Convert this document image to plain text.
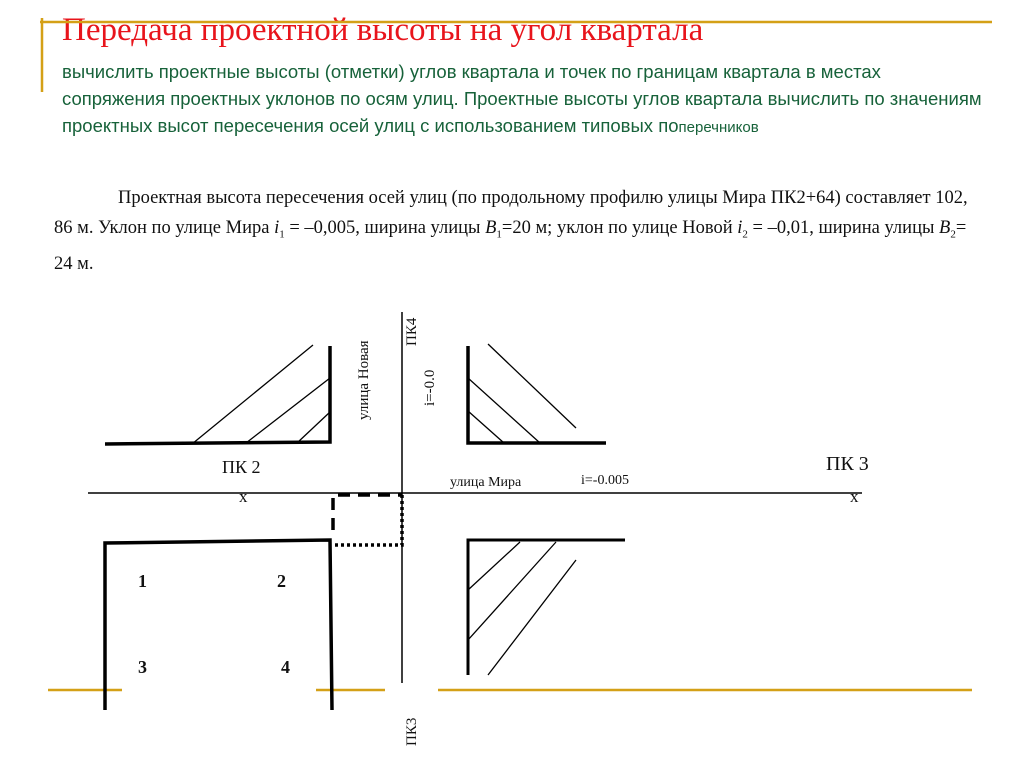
Передача проектной высоты на угол квартала
вычислить проектные высоты (отметки) углов квартала и точек по границам квартала в местах сопряжения проектных уклонов по осям улиц. Проектные высоты углов квартала вычислить по значениям проектных высот пересечения осей улиц с использованием типовых поперечников
Проектная высота пересечения осей улиц (по продольному профилю улицы Мира ПК2+64) составляет 102, 86 м. Уклон по улице Мира $i_1 = -0,005$, ширина улицы $B_1=20$ м; уклон по улице Новой $i_2 = -0,01$, ширина улицы $B_2= 24$ м.
ПК 2	ПК 3
x	x
улица Мира	i=-0.005
улица Новая
ПК4
i=-0.0
ПК3
1	2
3	4
